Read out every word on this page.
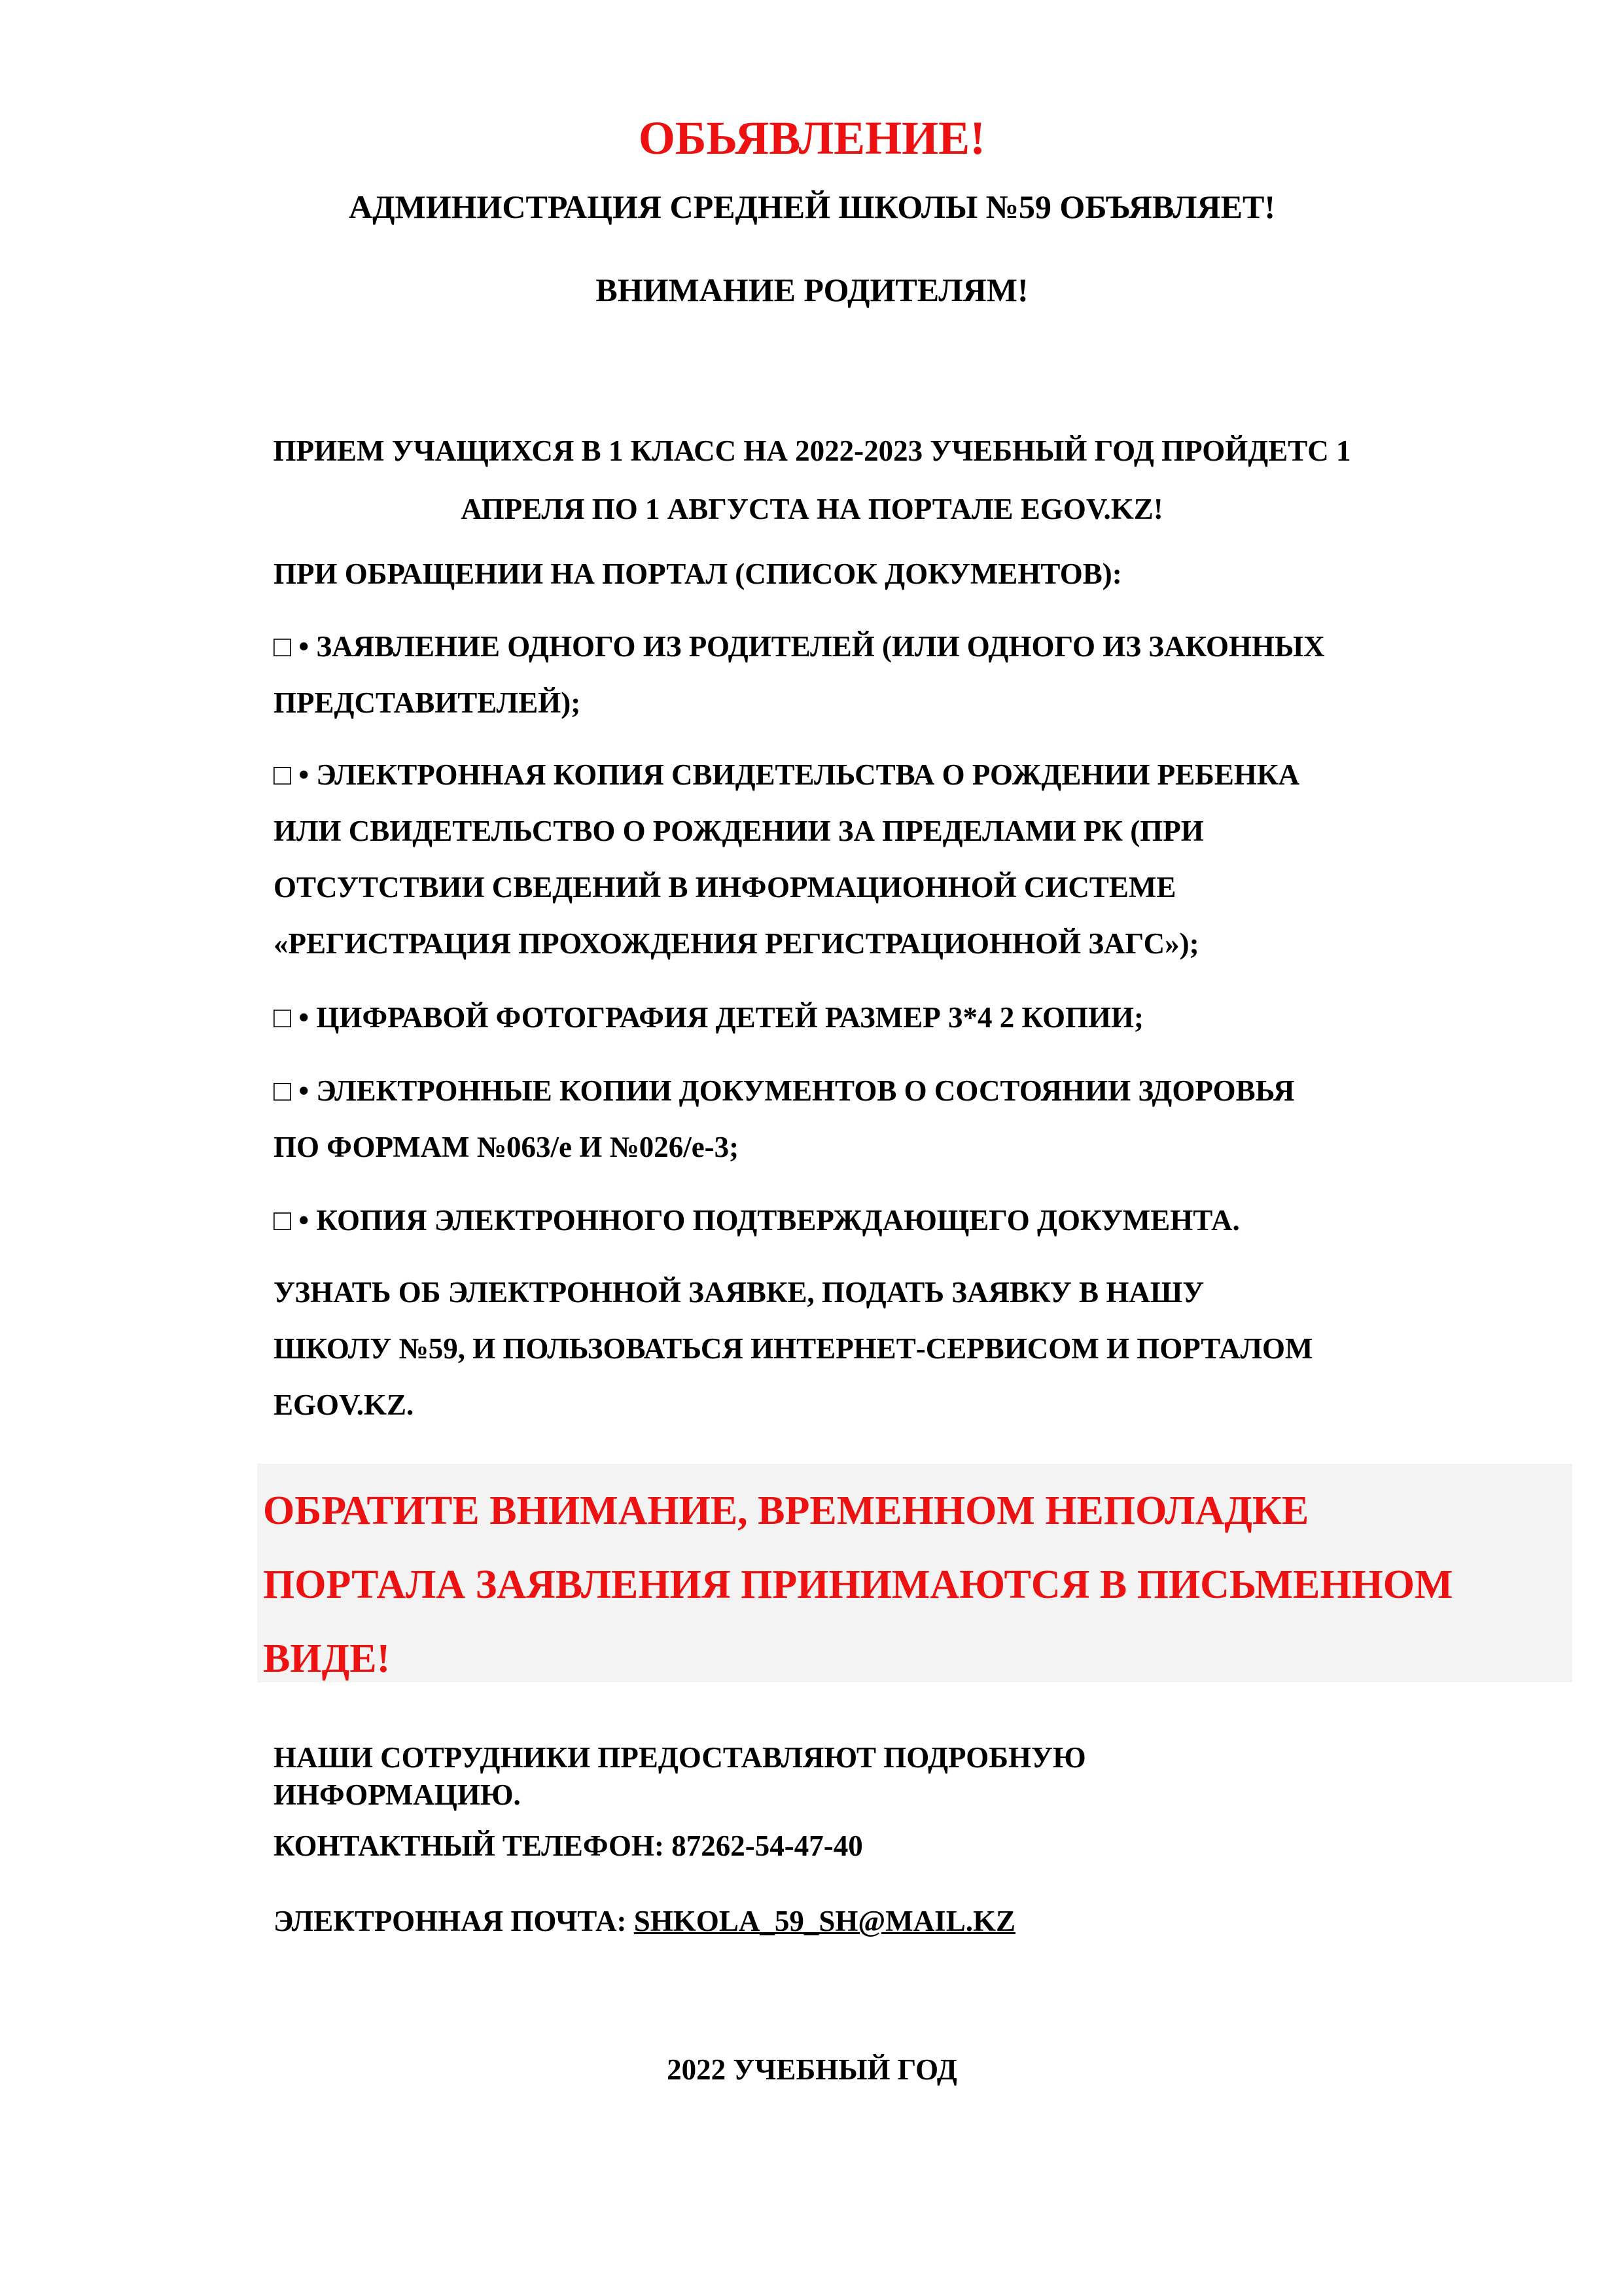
ОБЬЯВЛЕНИЕ!
АДМИНИСТРАЦИЯ СРЕДНЕЙ ШКОЛЫ №59 ОБЪЯВЛЯЕТ!
ВНИМАНИЕ РОДИТЕЛЯМ!
ПРИЕМ УЧАЩИХСЯ В 1 КЛАСС НА 2022-2023 УЧЕБНЫЙ ГОД ПРОЙДЕТС 1
АПРЕЛЯ ПО 1 АВГУСТА НА ПОРТАЛЕ EGOV.KZ!
ПРИ ОБРАЩЕНИИ НА ПОРТАЛ (СПИСОК ДОКУМЕНТОВ):
□ • ЗАЯВЛЕНИЕ ОДНОГО ИЗ РОДИТЕЛЕЙ (ИЛИ ОДНОГО ИЗ ЗАКОННЫХ
ПРЕДСТАВИТЕЛЕЙ);
□ • ЭЛЕКТРОННАЯ КОПИЯ СВИДЕТЕЛЬСТВА О РОЖДЕНИИ РЕБЕНКА
ИЛИ СВИДЕТЕЛЬСТВО О РОЖДЕНИИ ЗА ПРЕДЕЛАМИ РК (ПРИ
ОТСУТСТВИИ СВЕДЕНИЙ В ИНФОРМАЦИОННОЙ СИСТЕМЕ
«РЕГИСТРАЦИЯ ПРОХОЖДЕНИЯ РЕГИСТРАЦИОННОЙ ЗАГС»);
□ • ЦИФРАВОЙ ФОТОГРАФИЯ ДЕТЕЙ РАЗМЕР 3*4 2 КОПИИ;
□ • ЭЛЕКТРОННЫЕ КОПИИ ДОКУМЕНТОВ О СОСТОЯНИИ ЗДОРОВЬЯ
ПО ФОРМАМ №063/е И №026/е-3;
□ • КОПИЯ ЭЛЕКТРОННОГО ПОДТВЕРЖДАЮЩЕГО ДОКУМЕНТА.
УЗНАТЬ ОБ ЭЛЕКТРОННОЙ ЗАЯВКЕ, ПОДАТЬ ЗАЯВКУ В НАШУ
ШКОЛУ №59, И ПОЛЬЗОВАТЬСЯ ИНТЕРНЕТ-СЕРВИСОМ И ПОРТАЛОМ
EGOV.KZ.
ОБРАТИТЕ ВНИМАНИЕ, ВРЕМЕННОМ НЕПОЛАДКЕ
ПОРТАЛА ЗАЯВЛЕНИЯ ПРИНИМАЮТСЯ В ПИСЬМЕННОМ
ВИДЕ!
НАШИ СОТРУДНИКИ ПРЕДОСТАВЛЯЮТ ПОДРОБНУЮ
ИНФОРМАЦИЮ.
КОНТАКТНЫЙ ТЕЛЕФОН: 87262-54-47-40
ЭЛЕКТРОННАЯ ПОЧТА: SHKOLA_59_SH@MAIL.KZ
2022 УЧЕБНЫЙ ГОД
